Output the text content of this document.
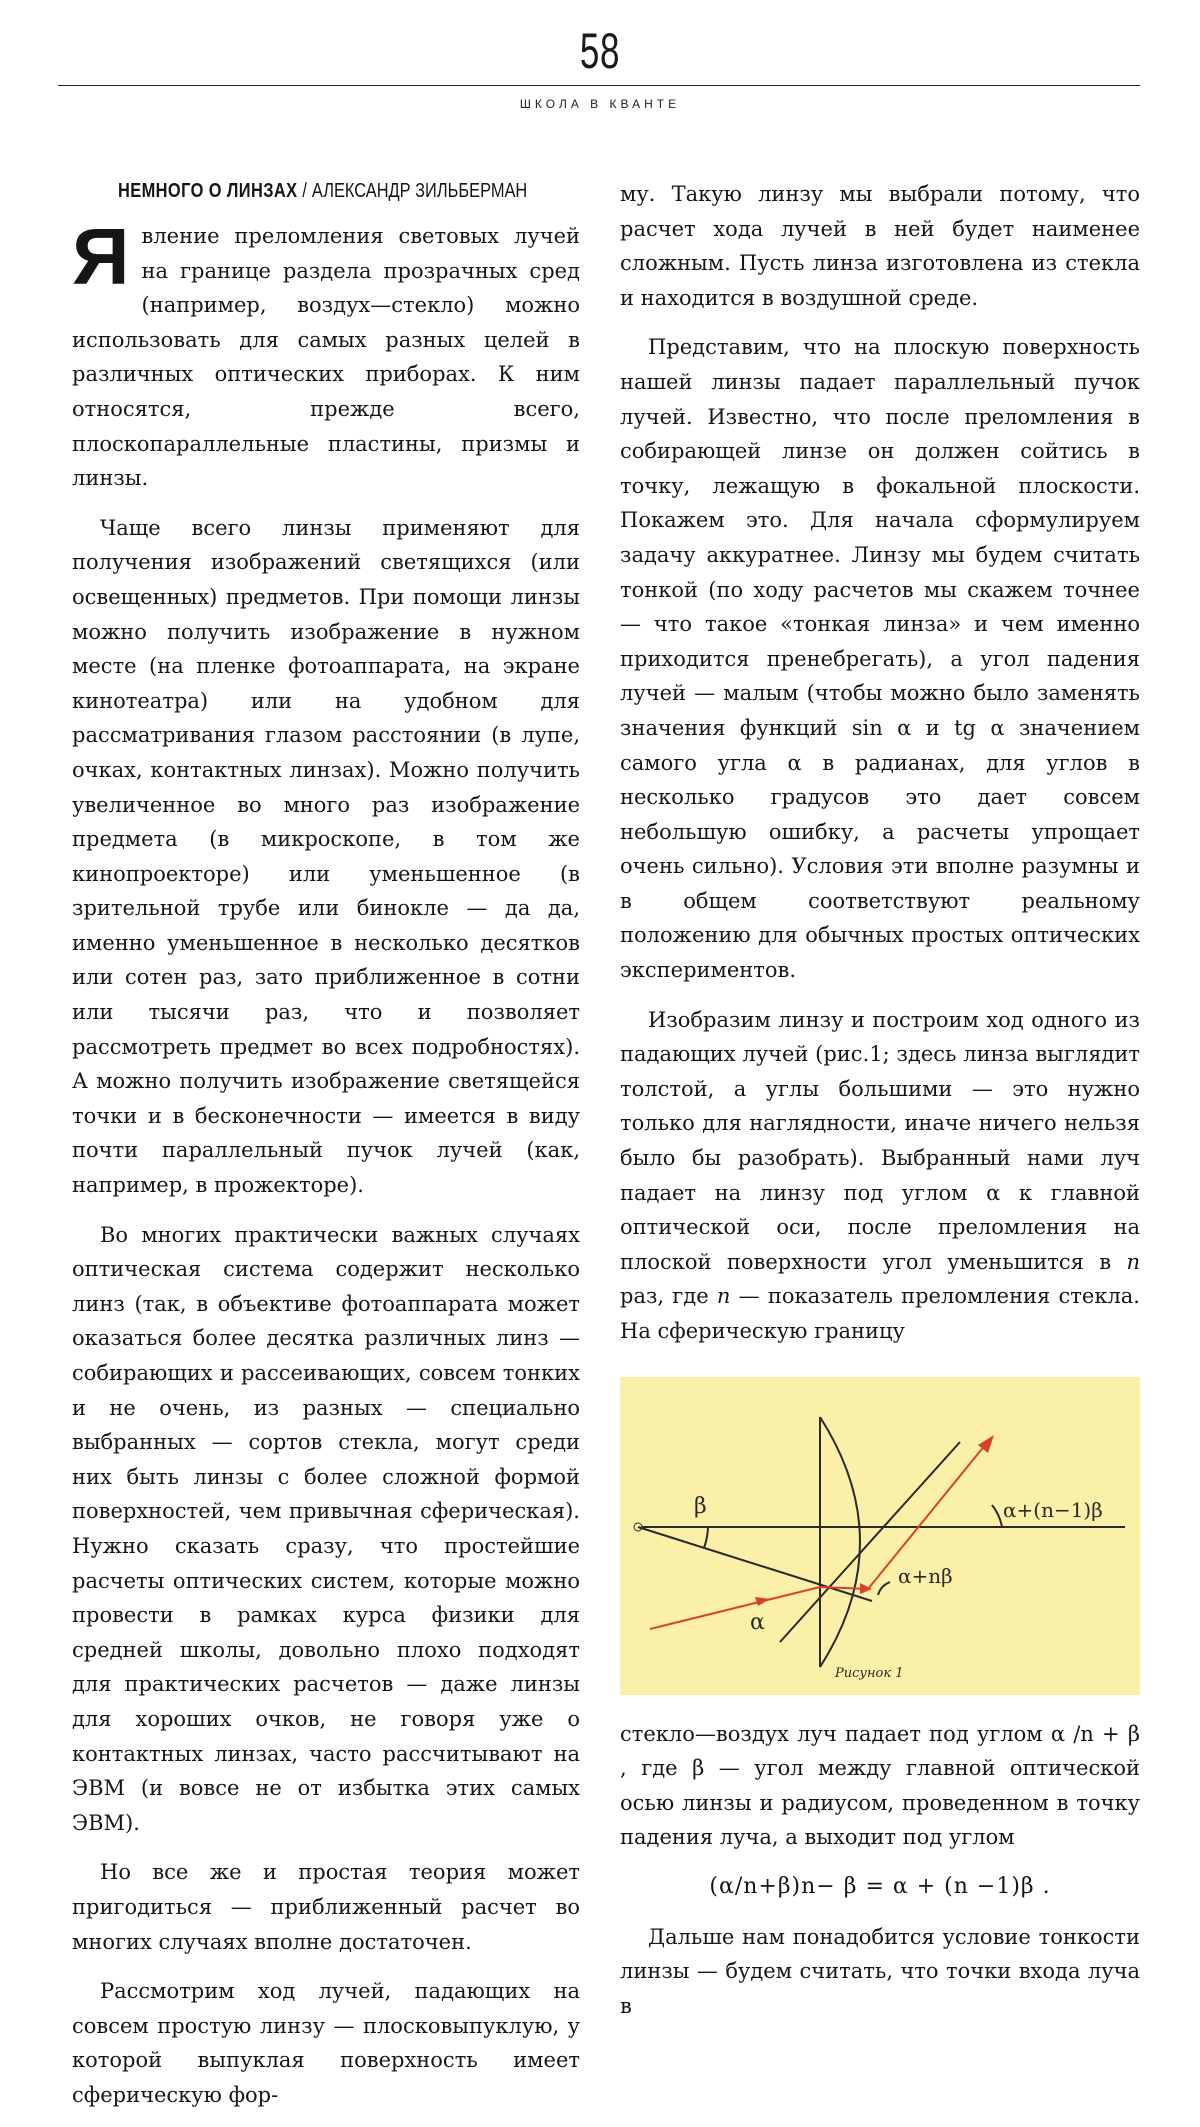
58
ШКОЛА В КВАНТЕ
НЕМНОГО О ЛИНЗАХ / АЛЕКСАНДР ЗИЛЬБЕРМАН

Явление преломления световых лучей на границе раздела прозрачных сред (например, воздух—стекло) можно использовать для самых разных целей в различных оптических приборах. К ним относятся, прежде всего, плоскопараллельные пластины, призмы и линзы.

Чаще всего линзы применяют для получения изображений светящихся (или освещенных) предметов. При помощи линзы можно получить изображение в нужном месте (на пленке фотоаппарата, на экране кинотеатра) или на удобном для рассматривания глазом расстоянии (в лупе, очках, контактных линзах). Можно получить увеличенное во много раз изображение предмета (в микроскопе, в том же кинопроекторе) или уменьшенное (в зрительной трубе или бинокле — да да, именно уменьшенное в несколько десятков или сотен раз, зато приближенное в сотни или тысячи раз, что и позволяет рассмотреть предмет во всех подробностях). А можно получить изображение светящейся точки и в бесконечности — имеется в виду почти параллельный пучок лучей (как, например, в прожекторе).

Во многих практически важных случаях оптическая система содержит несколько линз (так, в объективе фотоаппарата может оказаться более десятка различных линз — собирающих и рассеивающих, совсем тонких и не очень, из разных — специально выбранных — сортов стекла, могут среди них быть линзы с более сложной формой поверхностей, чем привычная сферическая). Нужно сказать сразу, что простейшие расчеты оптических систем, которые можно провести в рамках курса физики для средней школы, довольно плохо подходят для практических расчетов — даже линзы для хороших очков, не говоря уже о контактных линзах, часто рассчитывают на ЭВМ (и вовсе не от избытка этих самых ЭВМ).

Но все же и простая теория может пригодиться — приближенный расчет во многих случаях вполне достаточен.

Рассмотрим ход лучей, падающих на совсем простую линзу — плосковыпуклую, у которой выпуклая поверхность имеет сферическую фор-

му. Такую линзу мы выбрали потому, что расчет хода лучей в ней будет наименее сложным. Пусть линза изготовлена из стекла и находится в воздушной среде.

Представим, что на плоскую поверхность нашей линзы падает параллельный пучок лучей. Известно, что после преломления в собирающей линзе он должен сойтись в точку, лежащую в фокальной плоскости. Покажем это. Для начала сформулируем задачу аккуратнее. Линзу мы будем считать тонкой (по ходу расчетов мы скажем точнее — что такое «тонкая линза» и чем именно приходится пренебрегать), а угол падения лучей — малым (чтобы можно было заменять значения функций sin α и tg α значением самого угла α в радианах, для углов в несколько градусов это дает совсем небольшую ошибку, а расчеты упрощает очень сильно). Условия эти вполне разумны и в общем соответствуют реальному положению для обычных простых оптических экспериментов.

Изобразим линзу и построим ход одного из падающих лучей (рис.1; здесь линза выглядит толстой, а углы большими — это нужно только для наглядности, иначе ничего нельзя было бы разобрать). Выбранный нами луч падает на линзу под углом α к главной оптической оси, после преломления на плоской поверхности угол уменьшится в n раз, где n — показатель преломления стекла. На сферическую границу

β
α
α+nβ
α+(n−1)β
Рисунок 1

стекло—воздух луч падает под углом α /n + β , где β — угол между главной оптической осью линзы и радиусом, проведенном в точку падения луча, а выходит под углом

(α/n+β)n− β = α + (n −1)β .

Дальше нам понадобится условие тонкости линзы — будем считать, что точки входа луча в
